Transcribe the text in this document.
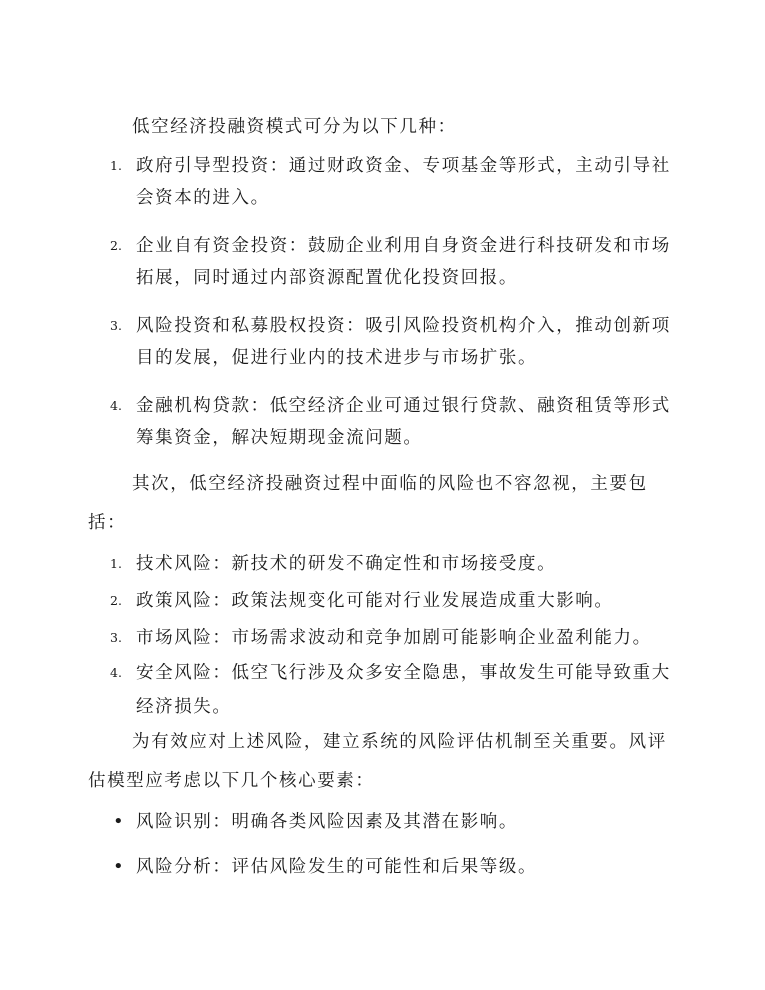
低空经济投融资模式可分为以下几种：

1. 政府引导型投资：通过财政资金、专项基金等形式，主动引导社会资本的进入。
2. 企业自有资金投资：鼓励企业利用自身资金进行科技研发和市场拓展，同时通过内部资源配置优化投资回报。
3. 风险投资和私募股权投资：吸引风险投资机构介入，推动创新项目的发展，促进行业内的技术进步与市场扩张。
4. 金融机构贷款：低空经济企业可通过银行贷款、融资租赁等形式筹集资金，解决短期现金流问题。

其次，低空经济投融资过程中面临的风险也不容忽视，主要包括：

1. 技术风险：新技术的研发不确定性和市场接受度。
2. 政策风险：政策法规变化可能对行业发展造成重大影响。
3. 市场风险：市场需求波动和竞争加剧可能影响企业盈利能力。
4. 安全风险：低空飞行涉及众多安全隐患，事故发生可能导致重大经济损失。

为有效应对上述风险，建立系统的风险评估机制至关重要。风评估模型应考虑以下几个核心要素：

• 风险识别：明确各类风险因素及其潜在影响。
• 风险分析：评估风险发生的可能性和后果等级。
